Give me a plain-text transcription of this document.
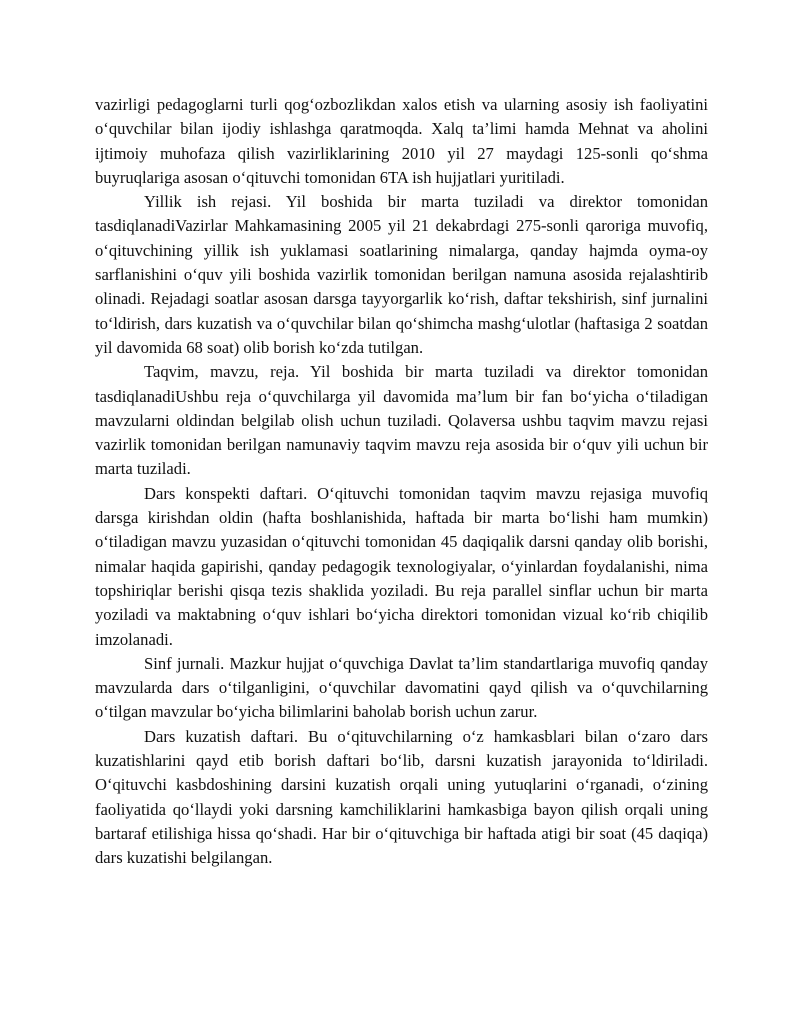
vazirligi pedagoglarni turli qog‘ozbozlikdan xalos etish va ularning asosiy ish faoliyatini o‘quvchilar bilan ijodiy ishlashga qaratmoqda. Xalq ta’limi hamda Mehnat va aholini ijtimoiy muhofaza qilish vazirliklarining 2010 yil 27 maydagi 125-sonli qo‘shma buyruqlariga asosan o‘qituvchi tomonidan 6TA ish hujjatlari yuritiladi.

Yillik ish rejasi. Yil boshida bir marta tuziladi va direktor tomonidan tasdiqlanadiVazirlar Mahkamasining 2005 yil 21 dekabrdagi 275-sonli qaroriga muvofiq, o‘qituvchining yillik ish yuklamasi soatlarining nimalarga, qanday hajmda oyma-oy sarflanishini o‘quv yili boshida vazirlik tomonidan berilgan namuna asosida rejalashtirib olinadi. Rejadagi soatlar asosan darsga tayyorgarlik ko‘rish, daftar tekshirish, sinf jurnalini to‘ldirish, dars kuzatish va o‘quvchilar bilan qo‘shimcha mashg‘ulotlar (haftasiga 2 soatdan yil davomida 68 soat) olib borish ko‘zda tutilgan.

Taqvim, mavzu, reja. Yil boshida bir marta tuziladi va direktor tomonidan tasdiqlanadiUshbu reja o‘quvchilarga yil davomida ma’lum bir fan bo‘yicha o‘tiladigan mavzularni oldindan belgilab olish uchun tuziladi. Qolaversa ushbu taqvim mavzu rejasi vazirlik tomonidan berilgan namunaviy taqvim mavzu reja asosida bir o‘quv yili uchun bir marta tuziladi.

Dars konspekti daftari. O‘qituvchi tomonidan taqvim mavzu rejasiga muvofiq darsga kirishdan oldin (hafta boshlanishida, haftada bir marta bo‘lishi ham mumkin) o‘tiladigan mavzu yuzasidan o‘qituvchi tomonidan 45 daqiqalik darsni qanday olib borishi, nimalar haqida gapirishi, qanday pedagogik texnologiyalar, o‘yinlardan foydalanishi, nima topshiriqlar berishi qisqa tezis shaklida yoziladi. Bu reja parallel sinflar uchun bir marta yoziladi va maktabning o‘quv ishlari bo‘yicha direktori tomonidan vizual ko‘rib chiqilib imzolanadi.

Sinf jurnali. Mazkur hujjat o‘quvchiga Davlat ta’lim standartlariga muvofiq qanday mavzularda dars o‘tilganligini, o‘quvchilar davomatini qayd qilish va o‘quvchilarning o‘tilgan mavzular bo‘yicha bilimlarini baholab borish uchun zarur.

Dars kuzatish daftari. Bu o‘qituvchilarning o‘z hamkasblari bilan o‘zaro dars kuzatishlarini qayd etib borish daftari bo‘lib, darsni kuzatish jarayonida to‘ldiriladi. O‘qituvchi kasbdoshining darsini kuzatish orqali uning yutuqlarini o‘rganadi, o‘zining faoliyatida qo‘llaydi yoki darsning kamchiliklarini hamkasbiga bayon qilish orqali uning bartaraf etilishiga hissa qo‘shadi. Har bir o‘qituvchiga bir haftada atigi bir soat (45 daqiqa) dars kuzatishi belgilangan.
